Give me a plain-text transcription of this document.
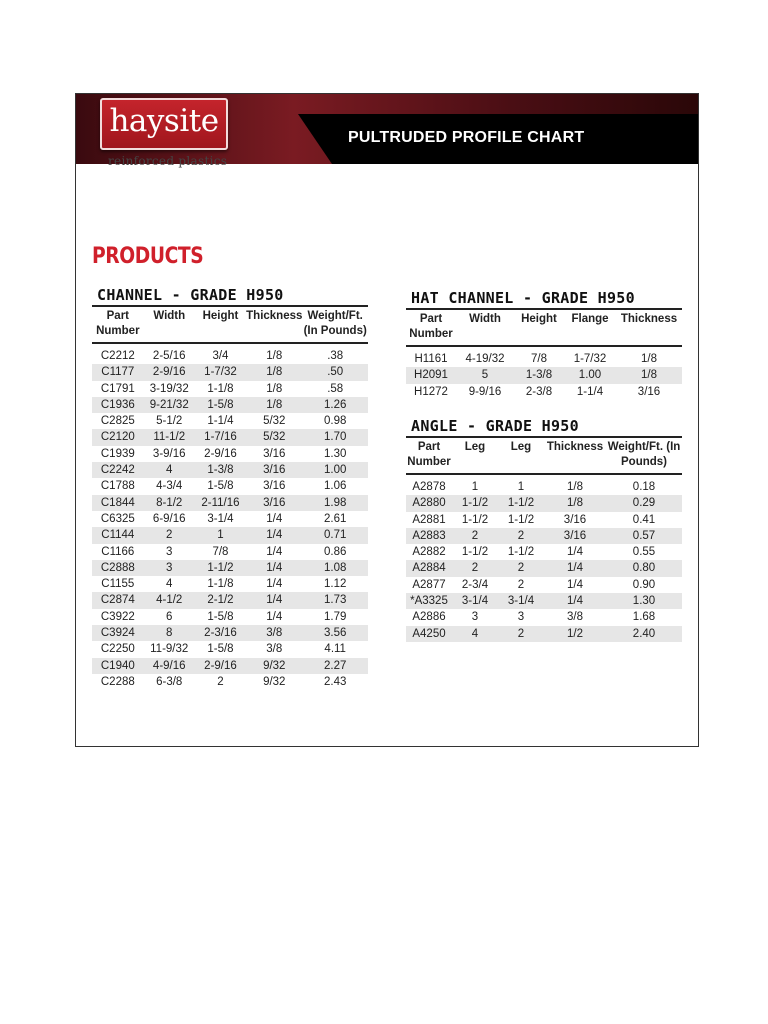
haysite
reinforced plastics
PULTRUDED PROFILE CHART
PRODUCTS
CHANNEL - GRADE H950
Part Number	Width	Height	Thickness	Weight/Ft. (In Pounds)
C2212	2-5/16	3/4	1/8	.38
C1177	2-9/16	1-7/32	1/8	.50
C1791	3-19/32	1-1/8	1/8	.58
C1936	9-21/32	1-5/8	1/8	1.26
C2825	5-1/2	1-1/4	5/32	0.98
C2120	11-1/2	1-7/16	5/32	1.70
C1939	3-9/16	2-9/16	3/16	1.30
C2242	4	1-3/8	3/16	1.00
C1788	4-3/4	1-5/8	3/16	1.06
C1844	8-1/2	2-11/16	3/16	1.98
C6325	6-9/16	3-1/4	1/4	2.61
C1144	2	1	1/4	0.71
C1166	3	7/8	1/4	0.86
C2888	3	1-1/2	1/4	1.08
C1155	4	1-1/8	1/4	1.12
C2874	4-1/2	2-1/2	1/4	1.73
C3922	6	1-5/8	1/4	1.79
C3924	8	2-3/16	3/8	3.56
C2250	11-9/32	1-5/8	3/8	4.11
C1940	4-9/16	2-9/16	9/32	2.27
C2288	6-3/8	2	9/32	2.43
HAT CHANNEL - GRADE H950
Part Number	Width	Height	Flange	Thickness
H1161	4-19/32	7/8	1-7/32	1/8
H2091	5	1-3/8	1.00	1/8
H1272	9-9/16	2-3/8	1-1/4	3/16
ANGLE - GRADE H950
Part Number	Leg	Leg	Thickness	Weight/Ft. (In Pounds)
A2878	1	1	1/8	0.18
A2880	1-1/2	1-1/2	1/8	0.29
A2881	1-1/2	1-1/2	3/16	0.41
A2883	2	2	3/16	0.57
A2882	1-1/2	1-1/2	1/4	0.55
A2884	2	2	1/4	0.80
A2877	2-3/4	2	1/4	0.90
*A3325	3-1/4	3-1/4	1/4	1.30
A2886	3	3	3/8	1.68
A4250	4	2	1/2	2.40
